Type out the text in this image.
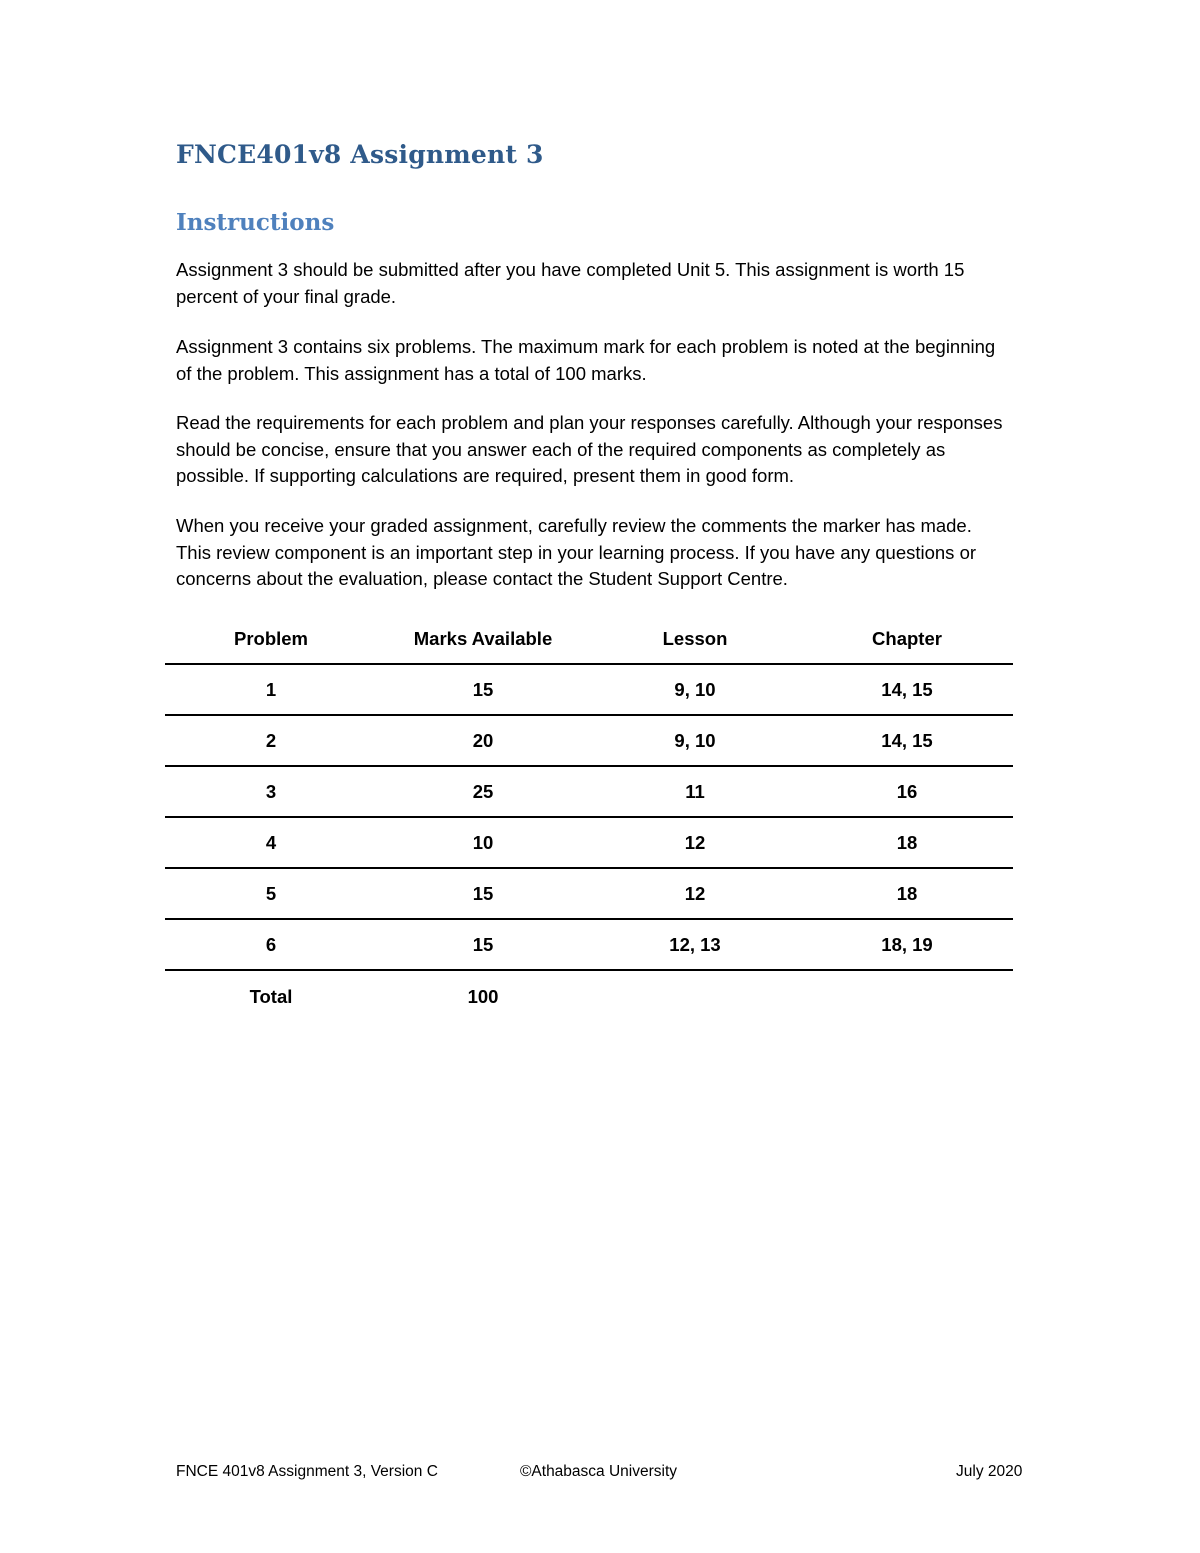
FNCE401v8 Assignment 3
Instructions

Assignment 3 should be submitted after you have completed Unit 5. This assignment is worth 15 percent of your final grade.

Assignment 3 contains six problems. The maximum mark for each problem is noted at the beginning of the problem. This assignment has a total of 100 marks.

Read the requirements for each problem and plan your responses carefully. Although your responses should be concise, ensure that you answer each of the required components as completely as possible. If supporting calculations are required, present them in good form.

When you receive your graded assignment, carefully review the comments the marker has made. This review component is an important step in your learning process. If you have any questions or concerns about the evaluation, please contact the Student Support Centre.

Problem	Marks Available	Lesson	Chapter
1	15	9, 10	14, 15
2	20	9, 10	14, 15
3	25	11	16
4	10	12	18
5	15	12	18
6	15	12, 13	18, 19
Total	100		

FNCE 401v8 Assignment 3, Version C	©Athabasca University	July 2020
